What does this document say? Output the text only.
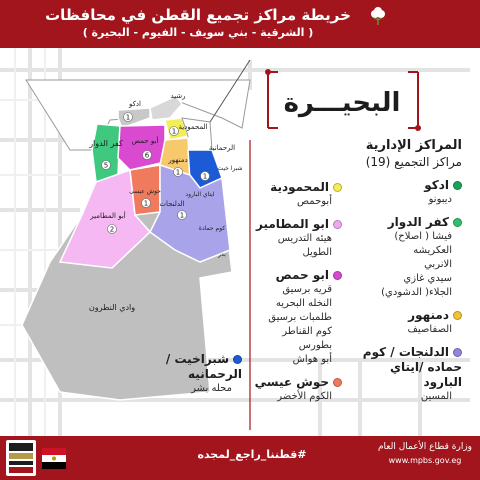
خريطة مراكز تجميع القطن في محافظات
( الشرقية - بني سويف - الفيوم - البحيرة )
رشيد
ادكو
المحمودية
كفر الدوار أبو حمص
الرحمانية
دمنهور
شبرا خيت
أبو المطامير
حوش عيسى
الدلنجات
ايتاي البارود
كوم حمادة
بدر
وادي النطرون
1
5
6
1
1	1
2
1
1
البحيـــرة
المراكز الإدارية
مراكز التجميع (19)
ادكو
ديبونو
كفر الدوار
فيشا ( اصلاح)
العكريشه
الانربي
سيدي غازي
الجلاء( الدشودي)
دمنهور
الصفاصيف
الدلنجات / كوم حماده /ايتاي البارود
المسين
المحمودية
أبوحمص
ابو المطامير
هيئه التدريس
الطويل
ابو حمص
قريه برسيق
النخله البحريه
طلمبات برسيق
كوم القناطر
بطورس
أبو هواش
حوش عيسي
الكوم الأخضر
شبراخيت /الرحمانيه
محله بشر
#قطننا_راجع_لمجده
وزارة قطاع الأعمال العام
www.mpbs.gov.eg
